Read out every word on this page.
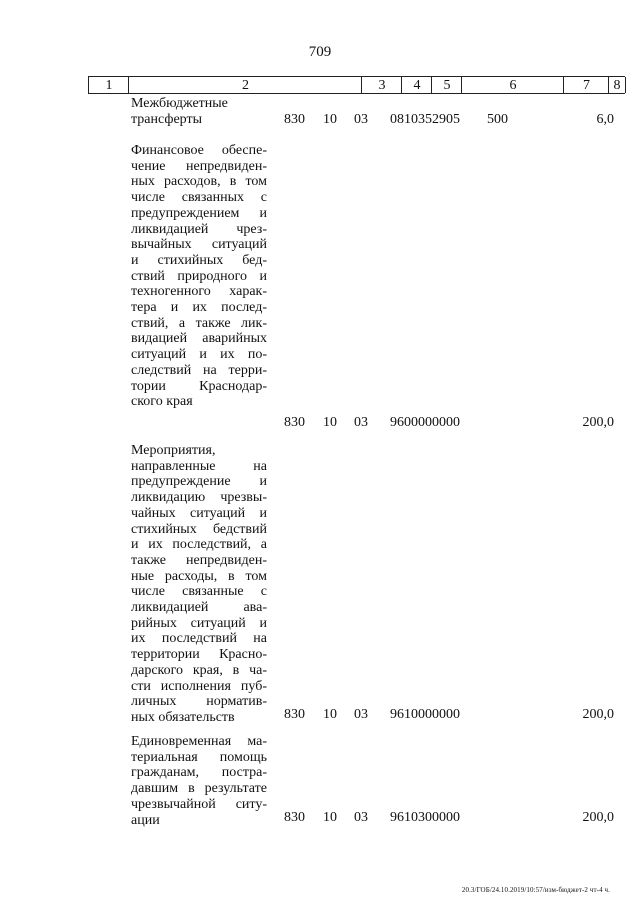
709
1	2	3	4	5	6	7	8
Межбюджетные
трансферты	830 10 03 0810352905 500	6,0
Финансовое обеспе-
чение непредвиден-
ных расходов, в том
числе связанных с
предупреждением и
ликвидацией чрез-
вычайных ситуаций
и стихийных бед-
ствий природного и
техногенного харак-
тера и их послед-
ствий, а также лик-
видацией аварийных
ситуаций и их по-
следствий на терри-
тории Краснодар-
ского края
830 10 03 9600000000	200,0
Мероприятия,
направленные на
предупреждение и
ликвидацию чрезвы-
чайных ситуаций и
стихийных бедствий
и их последствий, а
также непредвиден-
ные расходы, в том
числе связанные с
ликвидацией ава-
рийных ситуаций и
их последствий на
территории Красно-
дарского края, в ча-
сти исполнения пуб-
личных норматив-
ных обязательств	830 10 03 9610000000	200,0
Единовременная ма-
териальная помощь
гражданам, постра-
давшим в результате
чрезвычайной ситу-
ации	830 10 03 9610300000	200,0
20.3/ГОБ/24.10.2019/10:57/изм-бюджет-2 чт-4 ч.
